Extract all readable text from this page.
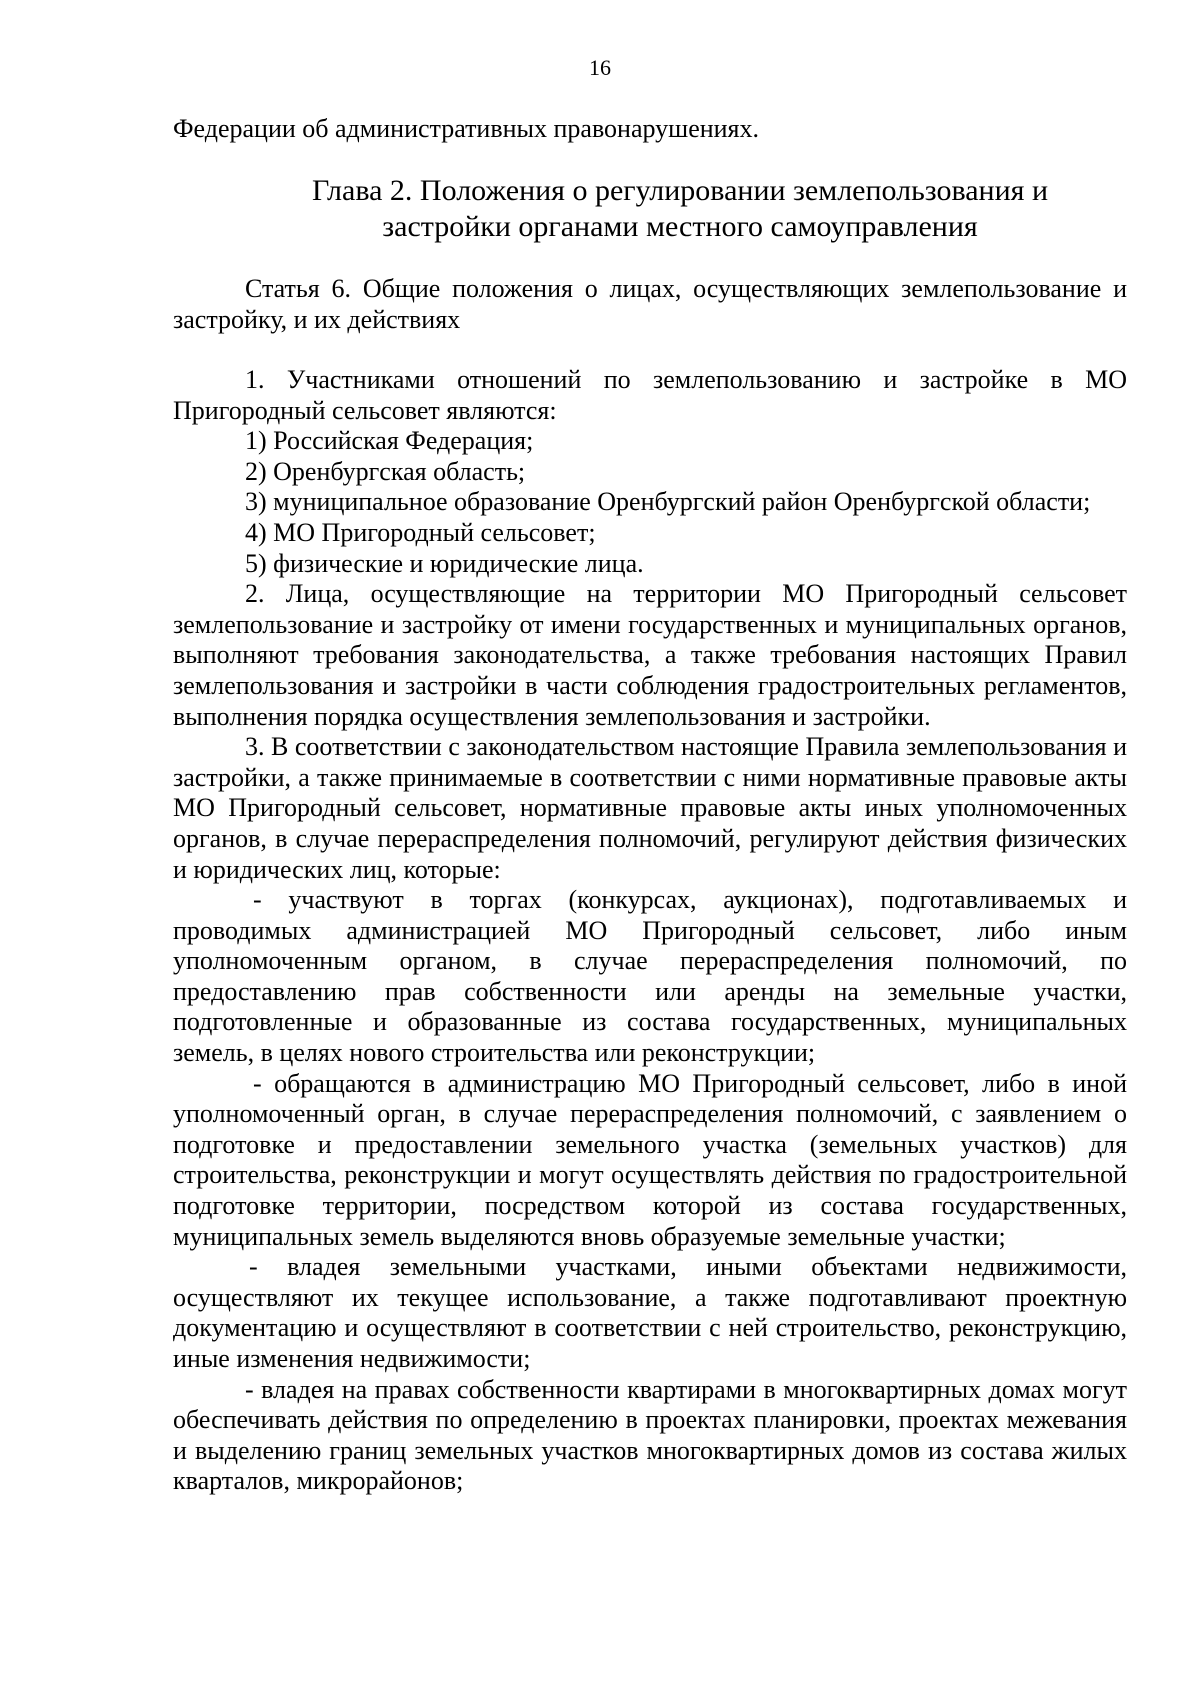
16

Федерации об административных правонарушениях.

Глава 2. Положения о регулировании землепользования и
застройки органами местного самоуправления

Статья 6. Общие положения о лицах, осуществляющих землепользование и застройку, и их действиях

1. Участниками отношений по землепользованию и застройке в МО Пригородный сельсовет являются:

1) Российская Федерация;

2) Оренбургская область;

3) муниципальное образование Оренбургский район Оренбургской области;

4) МО Пригородный сельсовет;

5) физические и юридические лица.

2. Лица, осуществляющие на территории МО Пригородный сельсовет землепользование и застройку от имени государственных и муниципальных органов, выполняют требования законодательства, а также требования настоящих Правил землепользования и застройки в части соблюдения градостроительных регламентов, выполнения порядка осуществления землепользования и застройки.

3. В соответствии с законодательством настоящие Правила землепользования и застройки, а также принимаемые в соответствии с ними нормативные правовые акты МО Пригородный сельсовет, нормативные правовые акты иных уполномоченных органов, в случае перераспределения полномочий, регулируют действия физических и юридических лиц, которые:

- участвуют в торгах (конкурсах, аукционах), подготавливаемых и проводимых администрацией МО Пригородный сельсовет, либо иным уполномоченным органом, в случае перераспределения полномочий, по предоставлению прав собственности или аренды на земельные участки, подготовленные и образованные из состава государственных, муниципальных земель, в целях нового строительства или реконструкции;

- обращаются в администрацию МО Пригородный сельсовет, либо в иной уполномоченный орган, в случае перераспределения полномочий, с заявлением о подготовке и предоставлении земельного участка (земельных участков) для строительства, реконструкции и могут осуществлять действия по градостроительной подготовке территории, посредством которой из состава государственных, муниципальных земель выделяются вновь образуемые земельные участки;

- владея земельными участками, иными объектами недвижимости, осуществляют их текущее использование, а также подготавливают проектную документацию и осуществляют в соответствии с ней строительство, реконструкцию, иные изменения недвижимости;

- владея на правах собственности квартирами в многоквартирных домах могут обеспечивать действия по определению в проектах планировки, проектах межевания и выделению границ земельных участков многоквартирных домов из состава жилых кварталов, микрорайонов;
